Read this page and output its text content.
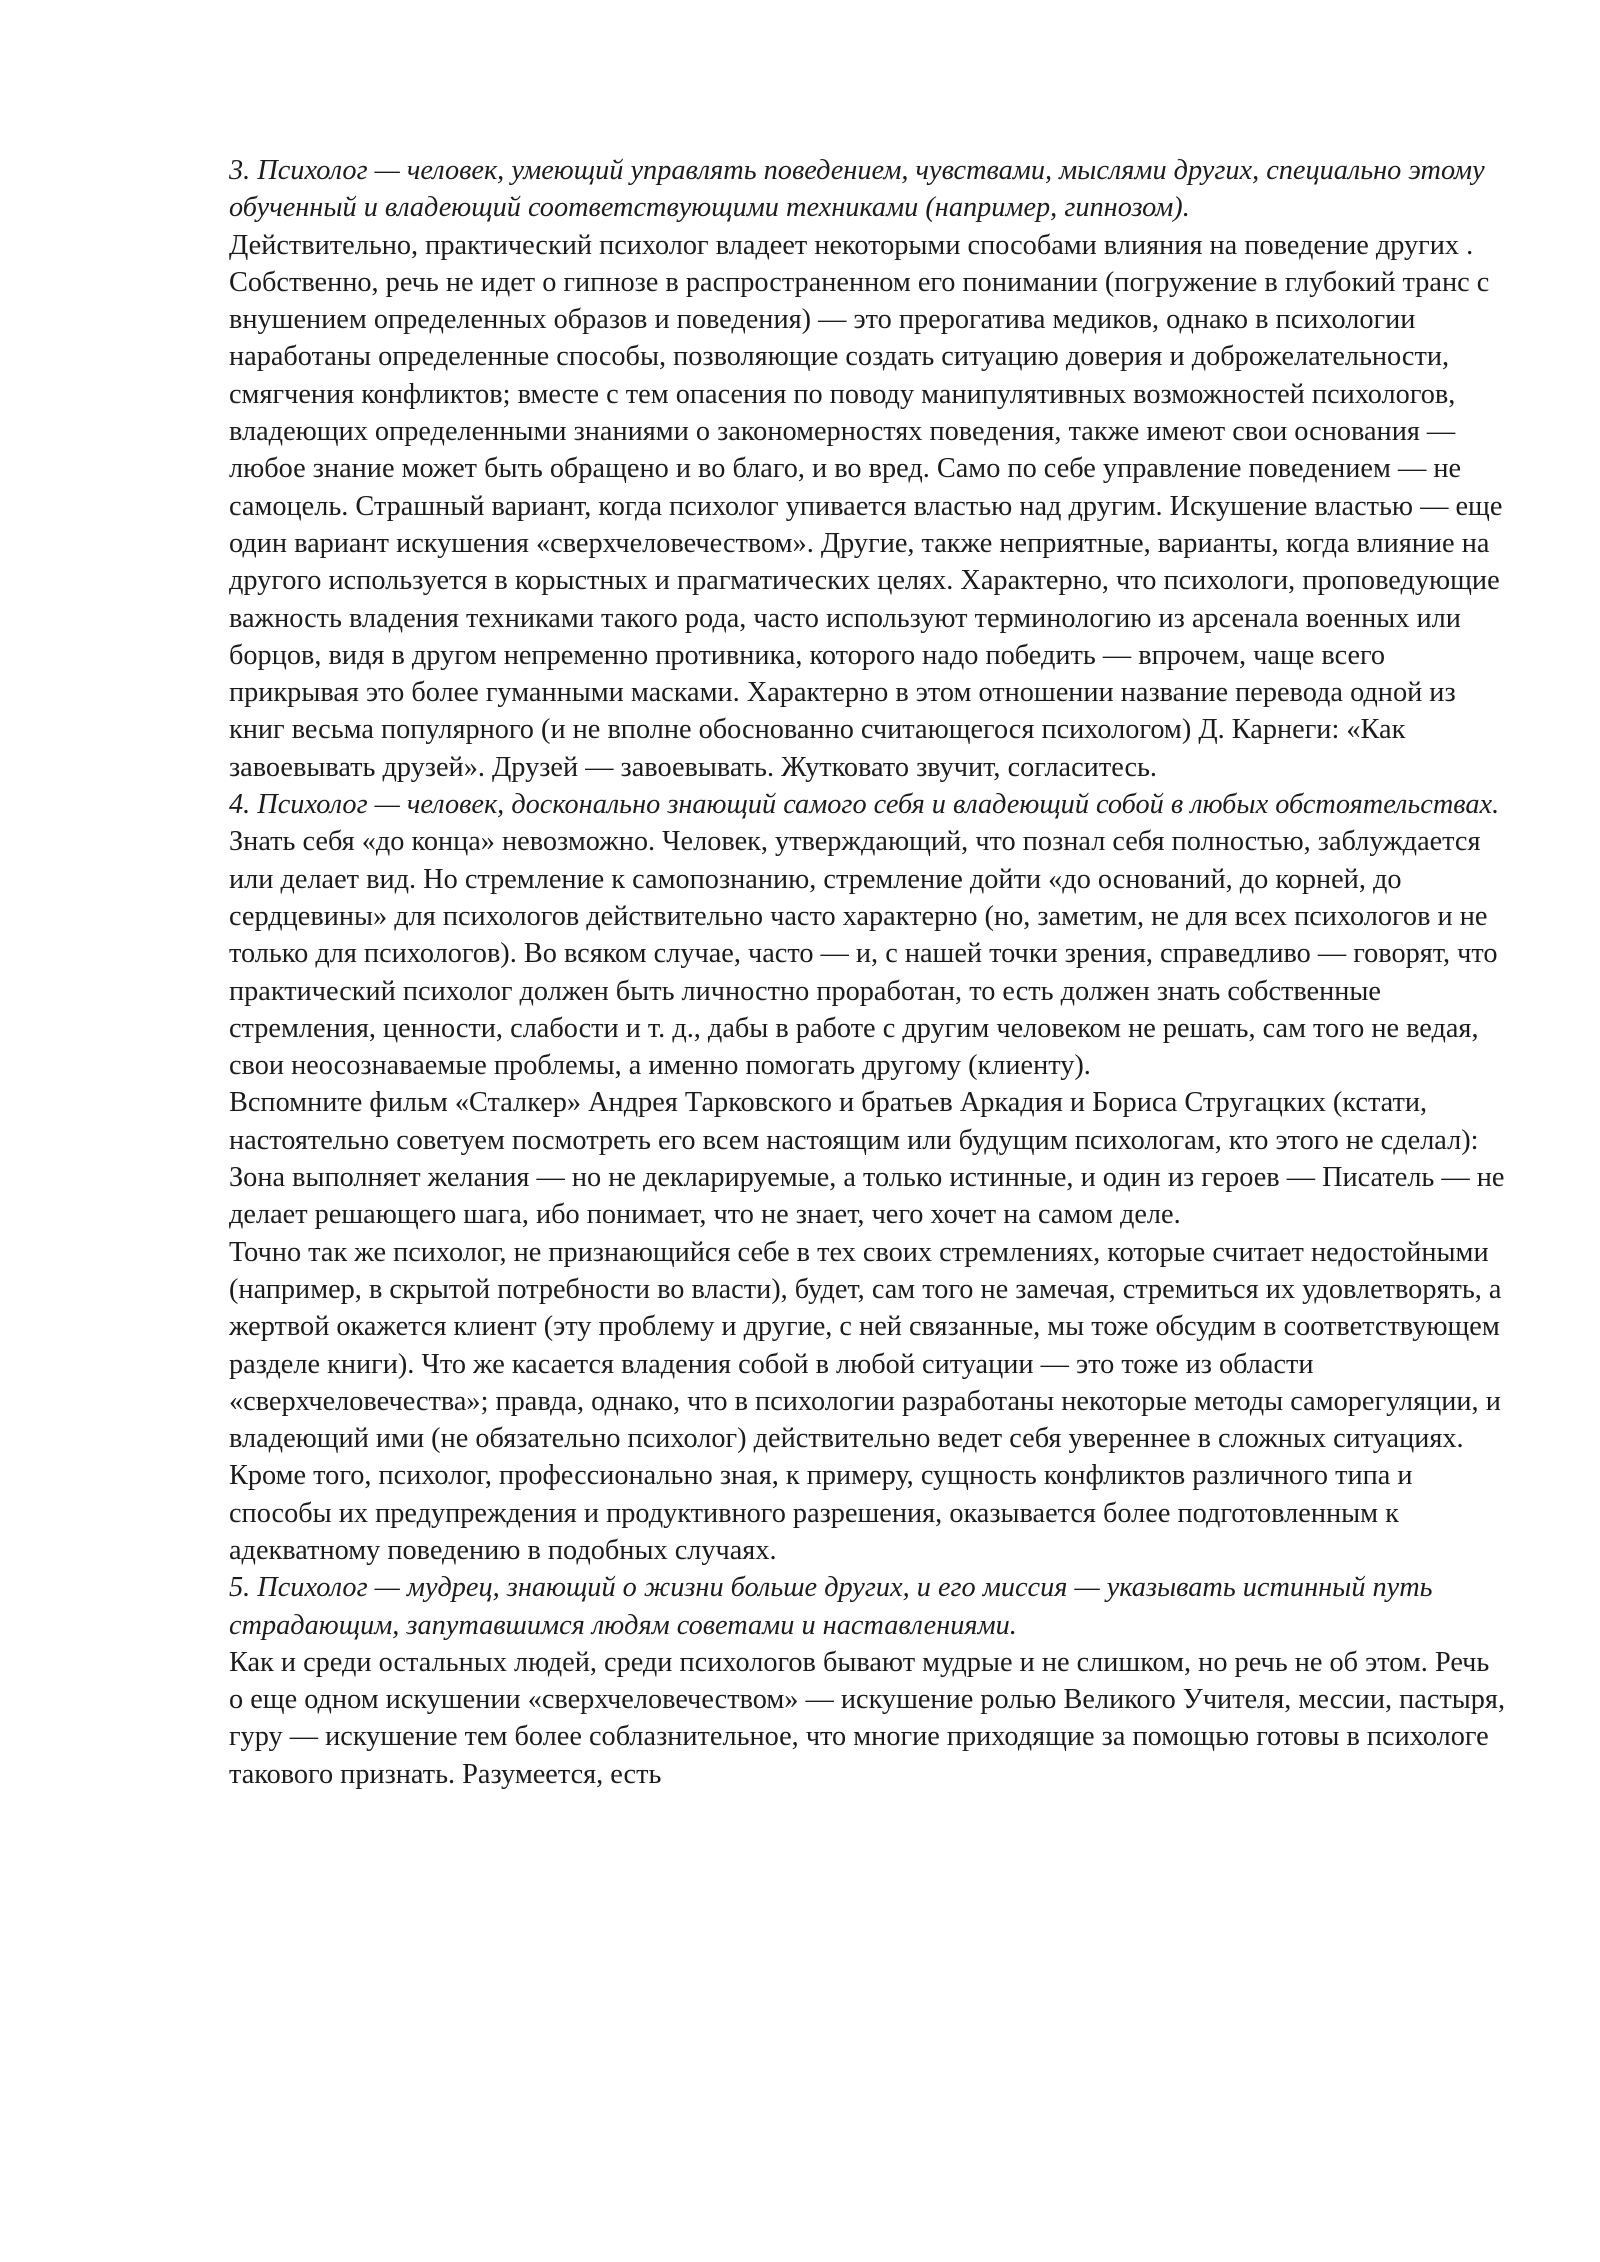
3. Психолог — человек, умеющий управлять поведением, чувствами, мыслями других, специально этому обученный и владеющий соответствующими техниками (например, гипнозом).

Действительно, практический психолог владеет некоторыми способами влияния на поведение других . Собственно, речь не идет о гипнозе в распространенном его понимании (погружение в глубокий транс с внушением определенных образов и поведения) — это прерогатива медиков, однако в психологии наработаны определенные способы, позволяющие создать ситуацию доверия и доброжелательности, смягчения конфликтов; вместе с тем опасения по поводу манипулятивных возможностей психологов, владеющих определенными знаниями о закономерностях поведения, также имеют свои основания — любое знание может быть обращено и во благо, и во вред. Само по себе управление поведением — не самоцель. Страшный вариант, когда психолог упивается властью над другим. Искушение властью — еще один вариант искушения «сверхчеловечеством». Другие, также неприятные, варианты, когда влияние на другого используется в корыстных и прагматических целях. Характерно, что психологи, проповедующие важность владения техниками такого рода, часто используют терминологию из арсенала военных или борцов, видя в другом непременно противника, которого надо победить — впрочем, чаще всего прикрывая это более гуманными масками. Характерно в этом отношении название перевода одной из книг весьма популярного (и не вполне обоснованно считающегося психологом) Д. Карнеги: «Как завоевывать друзей». Друзей — завоевывать. Жутковато звучит, согласитесь.

4. Психолог — человек, досконально знающий самого себя и владеющий собой в любых обстоятельствах.

Знать себя «до конца» невозможно. Человек, утверждающий, что познал себя полностью, заблуждается или делает вид. Но стремление к самопознанию, стремление дойти «до оснований, до корней, до сердцевины» для психологов действительно часто характерно (но, заметим, не для всех психологов и не только для психологов). Во всяком случае, часто — и, с нашей точки зрения, справедливо — говорят, что практический психолог должен быть личностно проработан, то есть должен знать собственные стремления, ценности, слабости и т. д., дабы в работе с другим человеком не решать, сам того не ведая, свои неосознаваемые проблемы, а именно помогать другому (клиенту).

Вспомните фильм «Сталкер» Андрея Тарковского и братьев Аркадия и Бориса Стругацких (кстати, настоятельно советуем посмотреть его всем настоящим или будущим психологам, кто этого не сделал): Зона выполняет желания — но не декларируемые, а только истинные, и один из героев — Писатель — не делает решающего шага, ибо понимает, что не знает, чего хочет на самом деле.

Точно так же психолог, не признающийся себе в тех своих стремлениях, которые считает недостойными (например, в скрытой потребности во власти), будет, сам того не замечая, стремиться их удовлетворять, а жертвой окажется клиент (эту проблему и другие, с ней связанные, мы тоже обсудим в соответствующем разделе книги). Что же касается владения собой в любой ситуации — это тоже из области «сверхчеловечества»; правда, однако, что в психологии разработаны некоторые методы саморегуляции, и владеющий ими (не обязательно психолог) действительно ведет себя увереннее в сложных ситуациях. Кроме того, психолог, профессионально зная, к примеру, сущность конфликтов различного типа и способы их предупреждения и продуктивного разрешения, оказывается более подготовленным к адекватному поведению в подобных случаях.

5. Психолог — мудрец, знающий о жизни больше других, и его миссия — указывать истинный путь страдающим, запутавшимся людям советами и наставлениями.

Как и среди остальных людей, среди психологов бывают мудрые и не слишком, но речь не об этом. Речь о еще одном искушении «сверхчеловечеством» — искушение ролью Великого Учителя, мессии, пастыря, гуру — искушение тем более соблазнительное, что многие приходящие за помощью готовы в психологе такового признать. Разумеется, есть
